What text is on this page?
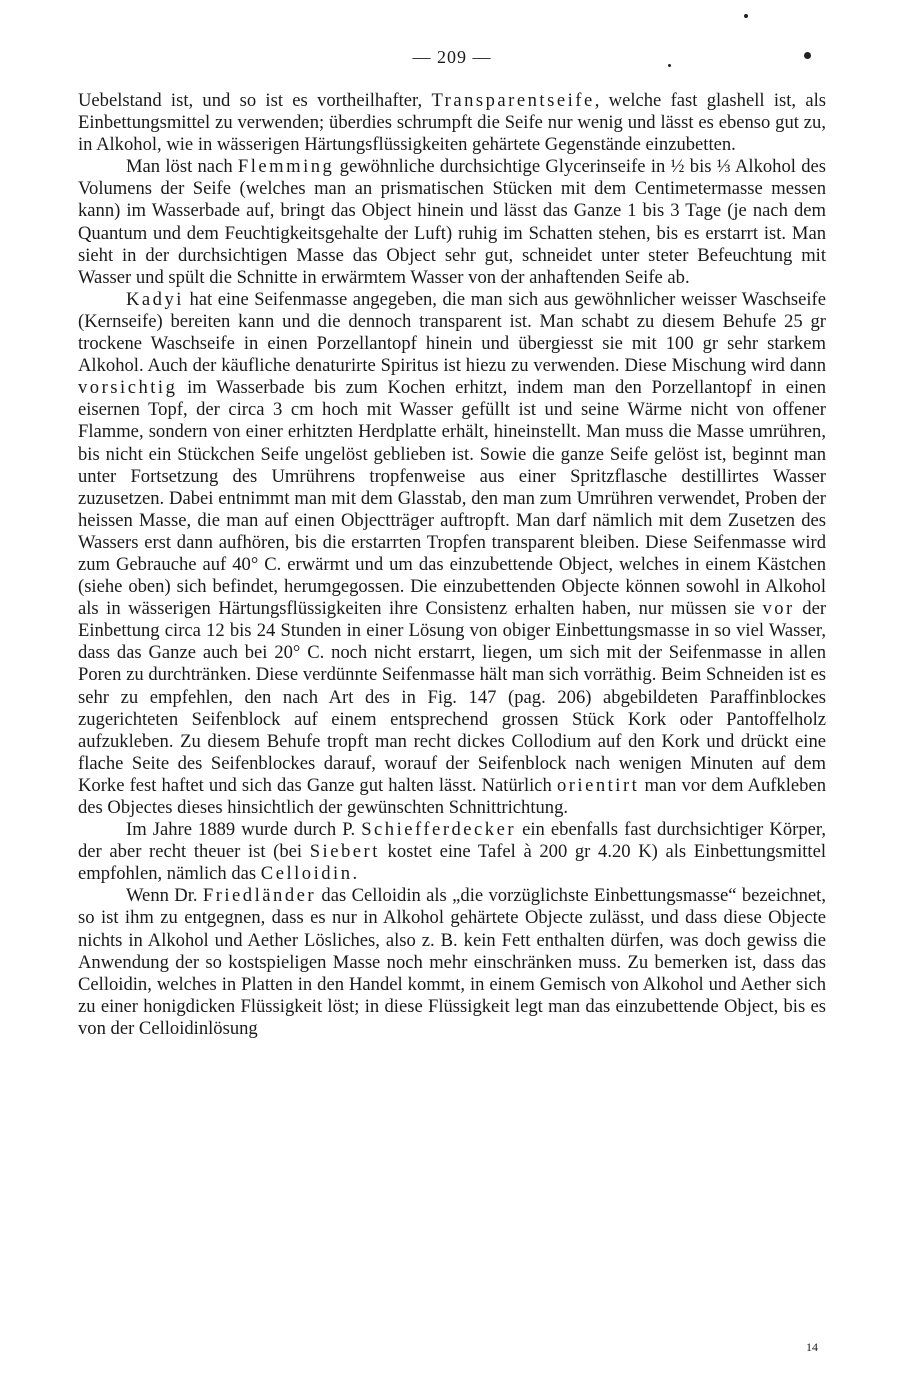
— 209 —

Uebelstand ist, und so ist es vortheilhafter, Transparentseife, welche fast glashell ist, als Einbettungsmittel zu verwenden; überdies schrumpft die Seife nur wenig und lässt es ebenso gut zu, in Alkohol, wie in wässerigen Härtungsflüssigkeiten gehärtete Gegenstände einzubetten.

Man löst nach Flemming gewöhnliche durchsichtige Glycerinseife in ½ bis ⅓ Alkohol des Volumens der Seife (welches man an prismatischen Stücken mit dem Centimetermasse messen kann) im Wasserbade auf, bringt das Object hinein und lässt das Ganze 1 bis 3 Tage (je nach dem Quantum und dem Feuchtigkeitsgehalte der Luft) ruhig im Schatten stehen, bis es erstarrt ist. Man sieht in der durchsichtigen Masse das Object sehr gut, schneidet unter steter Befeuchtung mit Wasser und spült die Schnitte in erwärmtem Wasser von der anhaftenden Seife ab.

Kadyi hat eine Seifenmasse angegeben, die man sich aus gewöhnlicher weisser Waschseife (Kernseife) bereiten kann und die dennoch transparent ist. Man schabt zu diesem Behufe 25 gr trockene Waschseife in einen Porzellantopf hinein und übergiesst sie mit 100 gr sehr starkem Alkohol. Auch der käufliche denaturirte Spiritus ist hiezu zu verwenden. Diese Mischung wird dann vorsichtig im Wasserbade bis zum Kochen erhitzt, indem man den Porzellantopf in einen eisernen Topf, der circa 3 cm hoch mit Wasser gefüllt ist und seine Wärme nicht von offener Flamme, sondern von einer erhitzten Herdplatte erhält, hineinstellt. Man muss die Masse umrühren, bis nicht ein Stückchen Seife ungelöst geblieben ist. Sowie die ganze Seife gelöst ist, beginnt man unter Fortsetzung des Umrührens tropfenweise aus einer Spritzflasche destillirtes Wasser zuzusetzen. Dabei entnimmt man mit dem Glasstab, den man zum Umrühren verwendet, Proben der heissen Masse, die man auf einen Objectträger auftropft. Man darf nämlich mit dem Zusetzen des Wassers erst dann aufhören, bis die erstarrten Tropfen transparent bleiben. Diese Seifenmasse wird zum Gebrauche auf 40° C. erwärmt und um das einzubettende Object, welches in einem Kästchen (siehe oben) sich befindet, herumgegossen. Die einzubettenden Objecte können sowohl in Alkohol als in wässerigen Härtungsflüssigkeiten ihre Consistenz erhalten haben, nur müssen sie vor der Einbettung circa 12 bis 24 Stunden in einer Lösung von obiger Einbettungsmasse in so viel Wasser, dass das Ganze auch bei 20° C. noch nicht erstarrt, liegen, um sich mit der Seifenmasse in allen Poren zu durchtränken. Diese verdünnte Seifenmasse hält man sich vorräthig. Beim Schneiden ist es sehr zu empfehlen, den nach Art des in Fig. 147 (pag. 206) abgebildeten Paraffinblockes zugerichteten Seifenblock auf einem entsprechend grossen Stück Kork oder Pantoffelholz aufzukleben. Zu diesem Behufe tropft man recht dickes Collodium auf den Kork und drückt eine flache Seite des Seifenblockes darauf, worauf der Seifenblock nach wenigen Minuten auf dem Korke fest haftet und sich das Ganze gut halten lässt. Natürlich orientirt man vor dem Aufkleben des Objectes dieses hinsichtlich der gewünschten Schnittrichtung.

Im Jahre 1889 wurde durch P. Schiefferdecker ein ebenfalls fast durchsichtiger Körper, der aber recht theuer ist (bei Siebert kostet eine Tafel à 200 gr 4.20 K) als Einbettungsmittel empfohlen, nämlich das Celloidin.

Wenn Dr. Friedländer das Celloidin als „die vorzüglichste Einbettungsmasse“ bezeichnet, so ist ihm zu entgegnen, dass es nur in Alkohol gehärtete Objecte zulässt, und dass diese Objecte nichts in Alkohol und Aether Lösliches, also z. B. kein Fett enthalten dürfen, was doch gewiss die Anwendung der so kostspieligen Masse noch mehr einschränken muss. Zu bemerken ist, dass das Celloidin, welches in Platten in den Handel kommt, in einem Gemisch von Alkohol und Aether sich zu einer honigdicken Flüssigkeit löst; in diese Flüssigkeit legt man das einzubettende Object, bis es von der Celloidinlösung

14
